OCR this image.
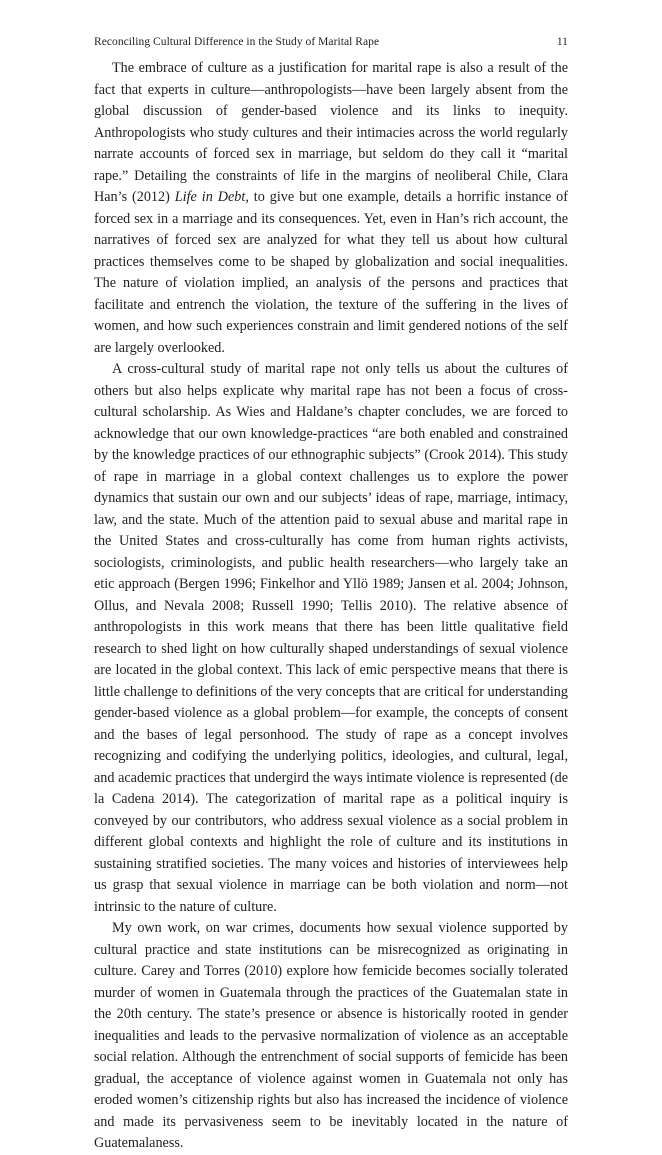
Reconciling Cultural Difference in the Study of Marital Rape	11

The embrace of culture as a justification for marital rape is also a result of the fact that experts in culture—anthropologists—have been largely absent from the global discussion of gender-based violence and its links to inequity. Anthropologists who study cultures and their intimacies across the world regularly narrate accounts of forced sex in marriage, but seldom do they call it “marital rape.” Detailing the constraints of life in the margins of neoliberal Chile, Clara Han’s (2012) Life in Debt, to give but one example, details a horrific instance of forced sex in a marriage and its consequences. Yet, even in Han’s rich account, the narratives of forced sex are analyzed for what they tell us about how cultural practices themselves come to be shaped by globalization and social inequalities. The nature of violation implied, an analysis of the persons and practices that facilitate and entrench the violation, the texture of the suffering in the lives of women, and how such experiences constrain and limit gendered notions of the self are largely overlooked.

A cross-cultural study of marital rape not only tells us about the cultures of others but also helps explicate why marital rape has not been a focus of cross-cultural scholarship. As Wies and Haldane’s chapter concludes, we are forced to acknowledge that our own knowledge-practices “are both enabled and constrained by the knowledge practices of our ethnographic subjects” (Crook 2014). This study of rape in marriage in a global context challenges us to explore the power dynamics that sustain our own and our subjects’ ideas of rape, marriage, intimacy, law, and the state. Much of the attention paid to sexual abuse and marital rape in the United States and cross-culturally has come from human rights activists, sociologists, criminologists, and public health researchers—who largely take an etic approach (Bergen 1996; Finkelhor and Yllö 1989; Jansen et al. 2004; Johnson, Ollus, and Nevala 2008; Russell 1990; Tellis 2010). The relative absence of anthropologists in this work means that there has been little qualitative field research to shed light on how culturally shaped understandings of sexual violence are located in the global context. This lack of emic perspective means that there is little challenge to definitions of the very concepts that are critical for understanding gender-based violence as a global problem—for example, the concepts of consent and the bases of legal personhood. The study of rape as a concept involves recognizing and codifying the underlying politics, ideologies, and cultural, legal, and academic practices that undergird the ways intimate violence is represented (de la Cadena 2014). The categorization of marital rape as a political inquiry is conveyed by our contributors, who address sexual violence as a social problem in different global contexts and highlight the role of culture and its institutions in sustaining stratified societies. The many voices and histories of interviewees help us grasp that sexual violence in marriage can be both violation and norm—not intrinsic to the nature of culture.

My own work, on war crimes, documents how sexual violence supported by cultural practice and state institutions can be misrecognized as originating in culture. Carey and Torres (2010) explore how femicide becomes socially tolerated murder of women in Guatemala through the practices of the Guatemalan state in the 20th century. The state’s presence or absence is historically rooted in gender inequalities and leads to the pervasive normalization of violence as an acceptable social relation. Although the entrenchment of social supports of femicide has been gradual, the acceptance of violence against women in Guatemala not only has eroded women’s citizenship rights but also has increased the incidence of violence and made its pervasiveness seem to be inevitably located in the nature of Guatemalaness.
